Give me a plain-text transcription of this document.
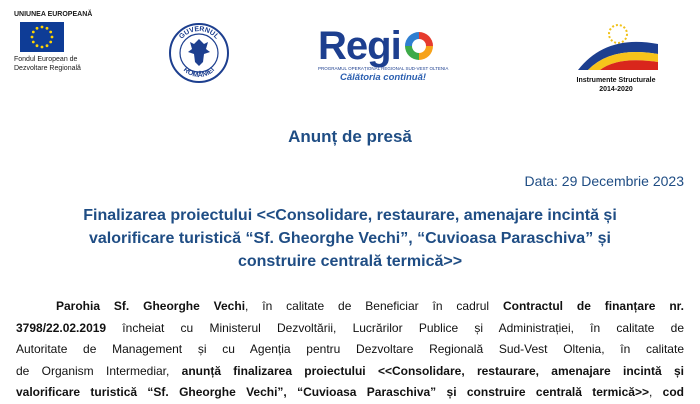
UNIUNEA EUROPEANĂ
Fondul European de
Dezvoltare Regională
GUVERNUL
ROMÂNIEI
Regi
PROGRAMUL OPERAȚIONAL REGIONAL SUD-VEST OLTENIA
Călătoria continuă!	Instrumente Structurale
2014-2020
Anunț de presă
Data: 29 Decembrie 2023
Finalizarea proiectului <<Consolidare, restaurare, amenajare incintă și
valorificare turistică “Sf. Gheorghe Vechi”, “Cuvioasa Paraschiva” și
construire centrală termică>>
Parohia Sf. Gheorghe Vechi, în calitate de Beneficiar în cadrul Contractul de finanțare nr.
3798/22.02.2019 încheiat cu Ministerul Dezvoltării, Lucrărilor Publice și Administrației, în calitate de
Autoritate de Management și cu Agenția pentru Dezvoltare Regională Sud-Vest Oltenia, în calitate
de Organism Intermediar, anunță finalizarea proiectului <<Consolidare, restaurare, amenajare incintă și
valorificare turistică “Sf. Gheorghe Vechi”, “Cuvioasa Paraschiva” și construire centrală termică>>, cod
